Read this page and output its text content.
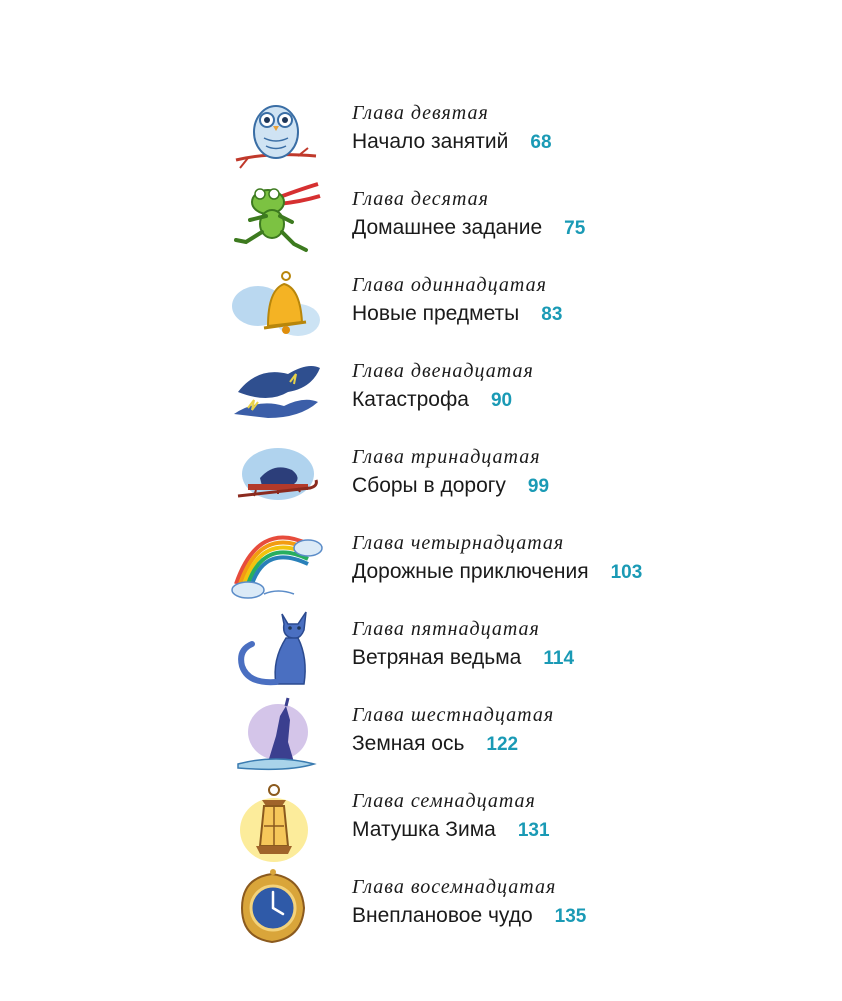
Глава девятая
Начало занятий 68
Глава десятая
Домашнее задание 75
Глава одиннадцатая
Новые предметы 83
Глава двенадцатая
Катастрофа 90
Глава тринадцатая
Сборы в дорогу 99
Глава четырнадцатая
Дорожные приключения 103
Глава пятнадцатая
Ветряная ведьма 114
Глава шестнадцатая
Земная ось 122
Глава семнадцатая
Матушка Зима 131
Глава восемнадцатая
Внеплановое чудо 135
